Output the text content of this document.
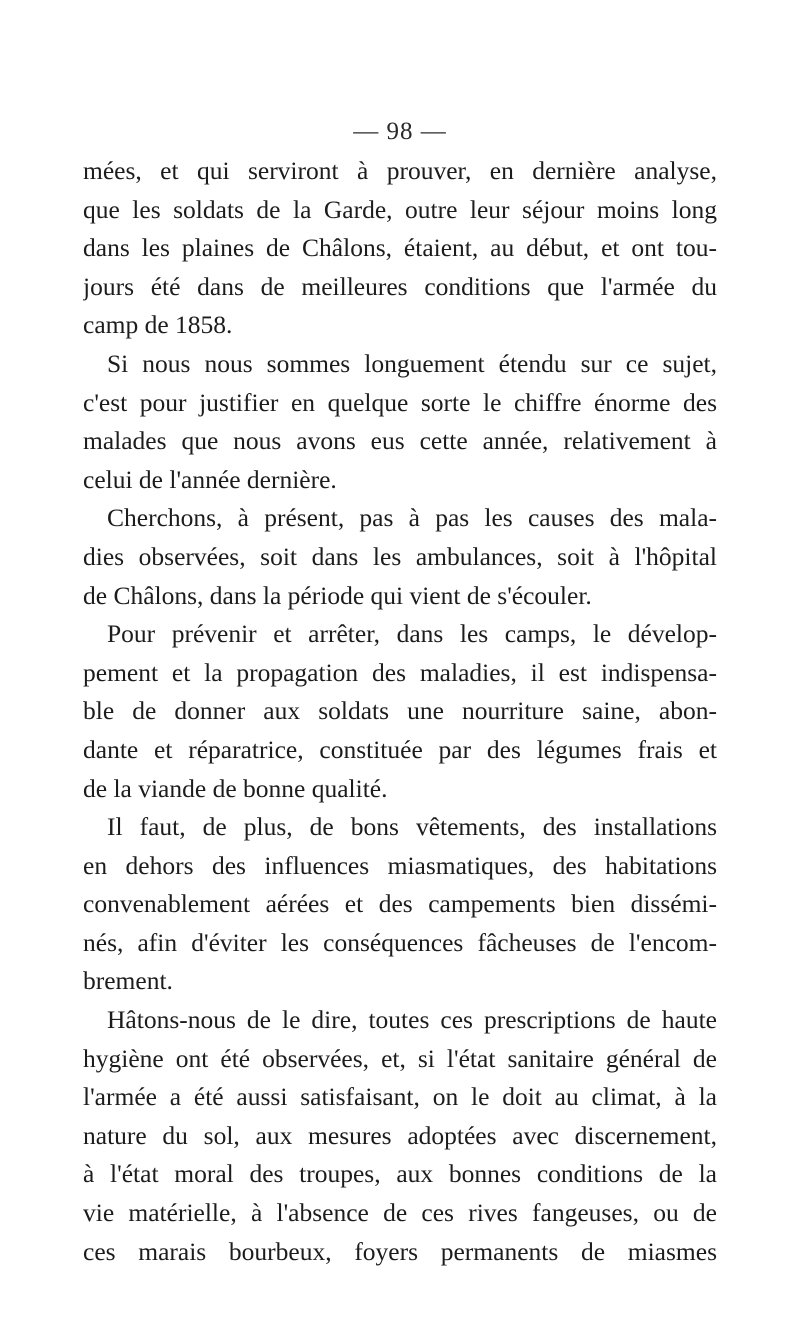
— 98 —
mées, et qui serviront à prouver, en dernière analyse,
que les soldats de la Garde, outre leur séjour moins long
dans les plaines de Châlons, étaient, au début, et ont tou-
jours été dans de meilleures conditions que l'armée du
camp de 1858.
Si nous nous sommes longuement étendu sur ce sujet,
c'est pour justifier en quelque sorte le chiffre énorme des
malades que nous avons eus cette année, relativement à
celui de l'année dernière.
Cherchons, à présent, pas à pas les causes des mala-
dies observées, soit dans les ambulances, soit à l'hôpital
de Châlons, dans la période qui vient de s'écouler.
Pour prévenir et arrêter, dans les camps, le dévelop-
pement et la propagation des maladies, il est indispensa-
ble de donner aux soldats une nourriture saine, abon-
dante et réparatrice, constituée par des légumes frais et
de la viande de bonne qualité.
Il faut, de plus, de bons vêtements, des installations
en dehors des influences miasmatiques, des habitations
convenablement aérées et des campements bien dissémi-
nés, afin d'éviter les conséquences fâcheuses de l'encom-
brement.
Hâtons-nous de le dire, toutes ces prescriptions de haute
hygiène ont été observées, et, si l'état sanitaire général de
l'armée a été aussi satisfaisant, on le doit au climat, à la
nature du sol, aux mesures adoptées avec discernement,
à l'état moral des troupes, aux bonnes conditions de la
vie matérielle, à l'absence de ces rives fangeuses, ou de
ces marais bourbeux, foyers permanents de miasmes
